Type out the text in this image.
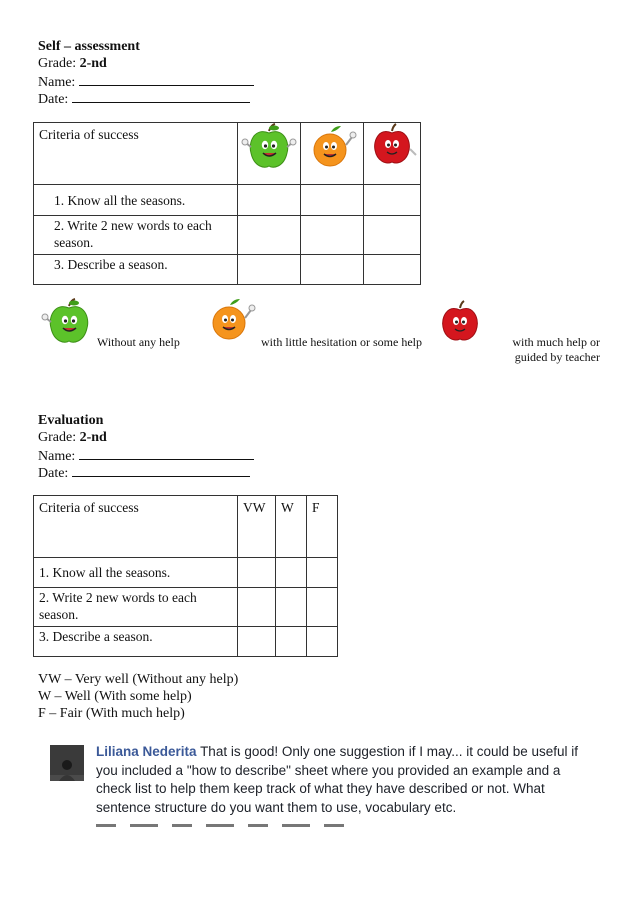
Self – assessment
Grade: 2-nd
Name:
Date:
Criteria of success			
1. Know all the seasons.			
2. Write 2 new words to each season.			
3. Describe a season.			
Without any help	with little hesitation or some help	with much help or guided by teacher
Evaluation
Grade: 2-nd
Name:
Date:
Criteria of success	VW	W	F
1. Know all the seasons.			
2. Write 2 new words to each season.			
3. Describe a season.			
VW – Very well (Without any help)
W – Well (With some help)
F – Fair (With much help)
Liliana Nederita That is good! Only one suggestion if I may... it could be useful if you included a "how to describe" sheet where you provided an example and a check list to help them keep track of what they have described or not. What sentence structure do you want them to use, vocabulary etc.
